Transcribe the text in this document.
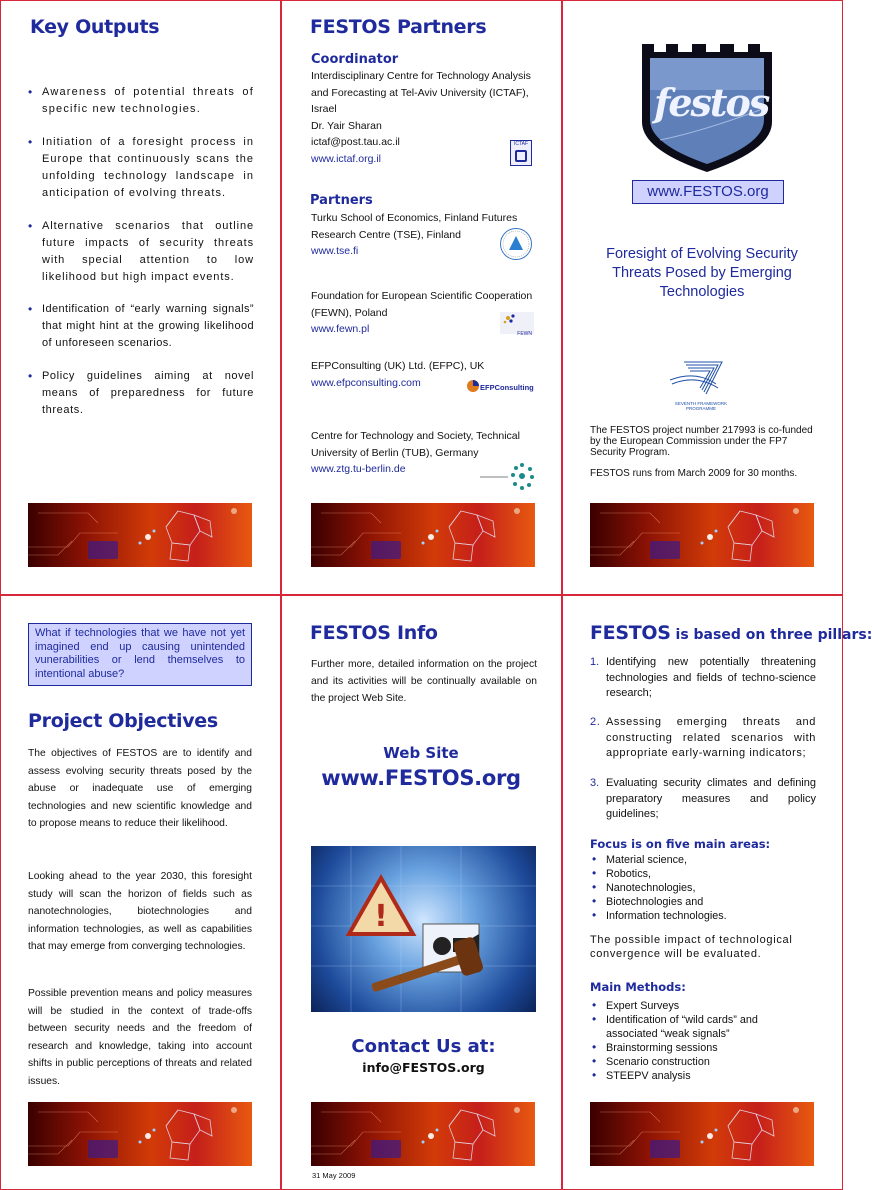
Key Outputs
• Awareness of potential threats of specific new technologies.
• Initiation of a foresight process in Europe that continuously scans the unfolding technology landscape in anticipation of evolving threats.
• Alternative scenarios that outline future impacts of security threats with special attention to low likelihood but high impact events.
• Identification of “early warning signals” that might hint at the growing likelihood of unforeseen scenarios.
• Policy guidelines aiming at novel means of preparedness for future threats.
FESTOS Partners
Coordinator
Interdisciplinary Centre for Technology Analysis
and Forecasting at Tel-Aviv University (ICTAF),
Israel
Dr. Yair Sharan
ictaf@post.tau.ac.il
www.ictaf.org.il
ICTAF
Partners
Turku School of Economics, Finland Futures
Research Centre (TSE), Finland
www.tse.fi
Foundation for European Scientific Cooperation
(FEWN), Poland
www.fewn.pl	FEWN
EFPConsulting (UK) Ltd. (EFPC), UK
www.efpconsulting.com	EFPConsulting
Centre for Technology and Society, Technical
University of Berlin (TUB), Germany
www.ztg.tu-berlin.de
festos
www.FESTOS.org
Foresight of Evolving Security Threats Posed by Emerging Technologies
SEVENTH FRAMEWORK PROGRAMME
The FESTOS project number 217993 is co-funded by the European Commission under the FP7 Security Program.
FESTOS runs from March 2009 for 30 months.
What if technologies that we have not yet imagined end up causing unintended vunerabilities or lend themselves to intentional abuse?
Project Objectives
The objectives of FESTOS are to identify and assess evolving security threats posed by the abuse or inadequate use of emerging technologies and new scientific knowledge and to propose means to reduce their likelihood.
Looking ahead to the year 2030, this foresight study will scan the horizon of fields such as nanotechnologies, biotechnologies and information technologies, as well as capabilities that may emerge from converging technologies.
Possible prevention means and policy measures will be studied in the context of trade-offs between security needs and the freedom of research and knowledge, taking into account shifts in public perceptions of threats and related issues.
FESTOS Info
Further more, detailed information on the project and its activities will be continually available on the project Web Site.
Web Site
www.FESTOS.org
!
Contact Us at:
info@FESTOS.org
31 May 2009
FESTOS is based on three pillars:
1. Identifying new potentially threatening technologies and fields of techno-science research;
2. Assessing emerging threats and constructing related scenarios with appropriate early-warning indicators;
3. Evaluating security climates and defining preparatory measures and policy guidelines;
Focus is on five main areas:
• Material science,
• Robotics,
• Nanotechnologies,
• Biotechnologies and
• Information technologies.
The possible impact of technological convergence will be evaluated.
Main Methods:
• Expert Surveys
• Identification of “wild cards” and associated “weak signals”
• Brainstorming sessions
• Scenario construction
• STEEPV analysis
